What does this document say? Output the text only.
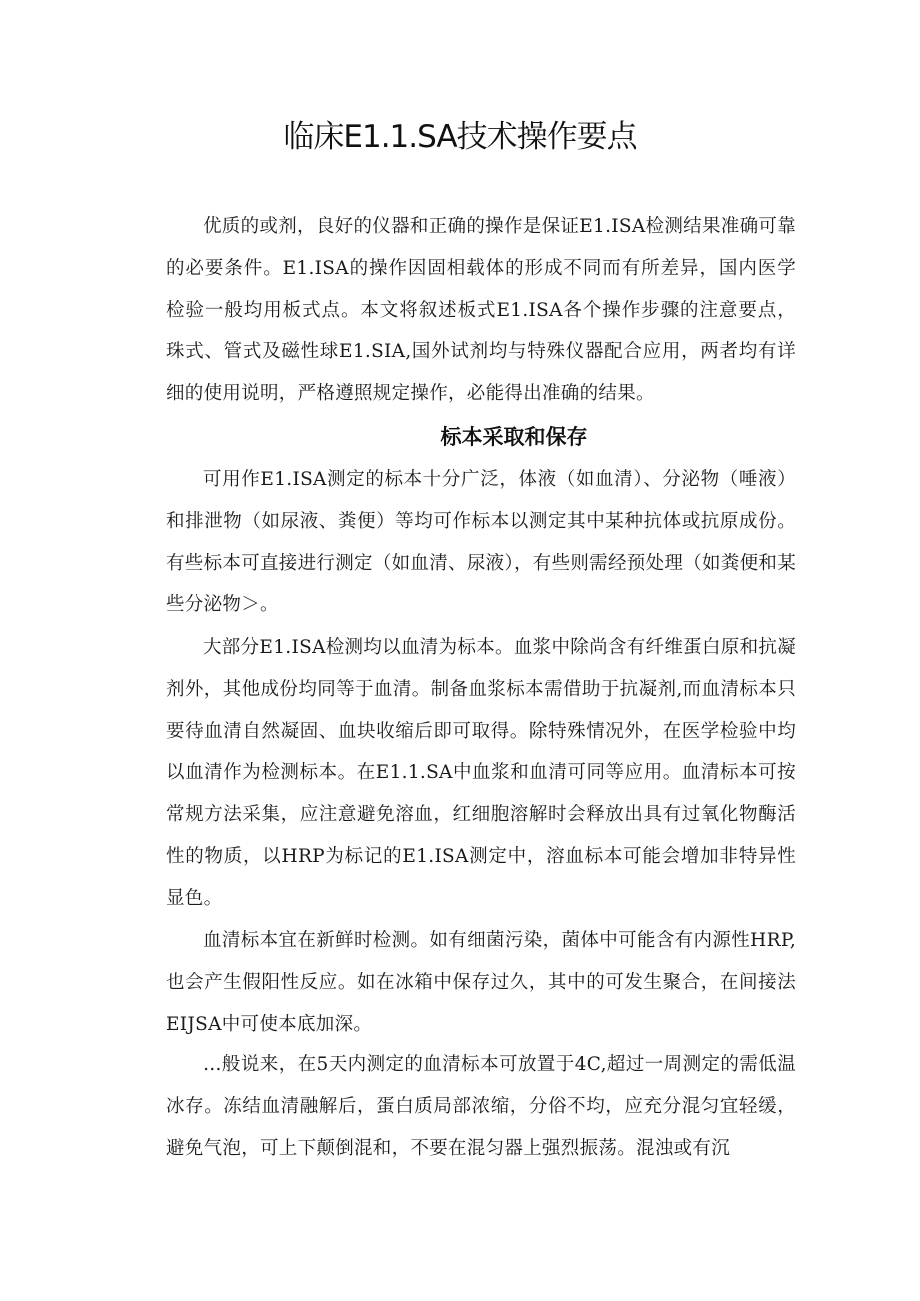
临床E1.1.SA技术操作要点

优质的或剂，良好的仪器和正确的操作是保证E1.ISA检测结果准确可靠的必要条件。E1.ISA的操作因固相载体的形成不同而有所差异，国内医学检验一般均用板式点。本文将叙述板式E1.ISA各个操作步骤的注意要点，珠式、管式及磁性球E1.SIA,国外试剂均与特殊仪器配合应用，两者均有详细的使用说明，严格遵照规定操作，必能得出准确的结果。

标本采取和保存

可用作E1.ISA测定的标本十分广泛，体液（如血清）、分泌物（唾液）和排泄物（如尿液、粪便）等均可作标本以测定其中某种抗体或抗原成份。有些标本可直接进行测定（如血清、尿液），有些则需经预处理（如粪便和某些分泌物＞。

大部分E1.ISA检测均以血清为标本。血浆中除尚含有纤维蛋白原和抗凝剂外，其他成份均同等于血清。制备血浆标本需借助于抗凝剂,而血清标本只要待血清自然凝固、血块收缩后即可取得。除特殊情况外，在医学检验中均以血清作为检测标本。在E1.1.SA中血浆和血清可同等应用。血清标本可按常规方法采集，应注意避免溶血，红细胞溶解时会释放出具有过氧化物酶活性的物质，以HRP为标记的E1.ISA测定中，溶血标本可能会增加非特异性显色。

血清标本宜在新鲜时检测。如有细菌污染，菌体中可能含有内源性HRP,也会产生假阳性反应。如在冰箱中保存过久，其中的可发生聚合，在间接法EIJSA中可使本底加深。

…般说来，在5天内测定的血清标本可放置于4C,超过一周测定的需低温冰存。冻结血清融解后，蛋白质局部浓缩，分俗不均，应充分混匀宜轻缓，避免气泡，可上下颠倒混和，不要在混匀器上强烈振荡。混浊或有沉
